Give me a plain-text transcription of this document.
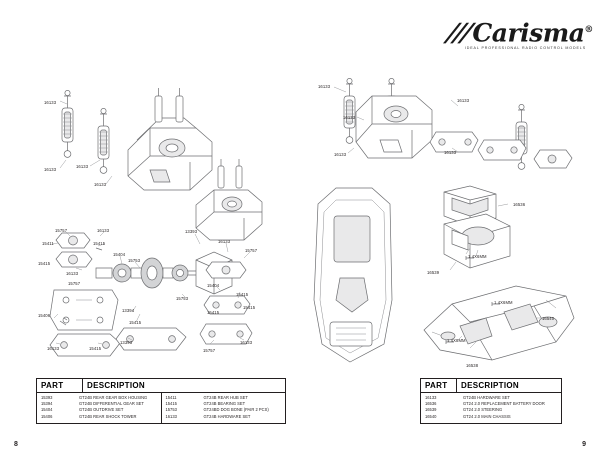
///Carisma®
IDEAL PROFESSIONAL RADIO CONTROL MODELS
16133
16133
16133
16133
15757	16133
15411	15415
15415
15404
15753
16133
15757
13393
16133
15757
15404
15415
15753
13394
15415
15406
15415
15415
16133	15415
13393
15757
16133
16133
16133
16133
16133	16133
16536
16539
1.4X6MM
1.4X6MM
1.4X8MM
16540
16538
PART	DESCRIPTION
15393	GT24B REAR GEAR BOX HOUSING
15394	GT24B DIFFERENTIAL GEAR SET
15404	GT24B OUTDRIVE SET
15406	GT24B REAR SHOCK TOWER
15411	GT24B REAR HUB SET
15415	GT24B BEARING SET
15753	GT24BD DOG BONE (PAIR 2 PCS)
16133	GT24B HARDWARE SET
PART	DESCRIPTION
16133	GT24B HARDWARE SET
16536	GT24 2.0 REPLACEMENT BATTERY DOOR
16539	GT24 2.0 STEERING
16540	GT24 2.0 MAIN CHASSIS
8	9
